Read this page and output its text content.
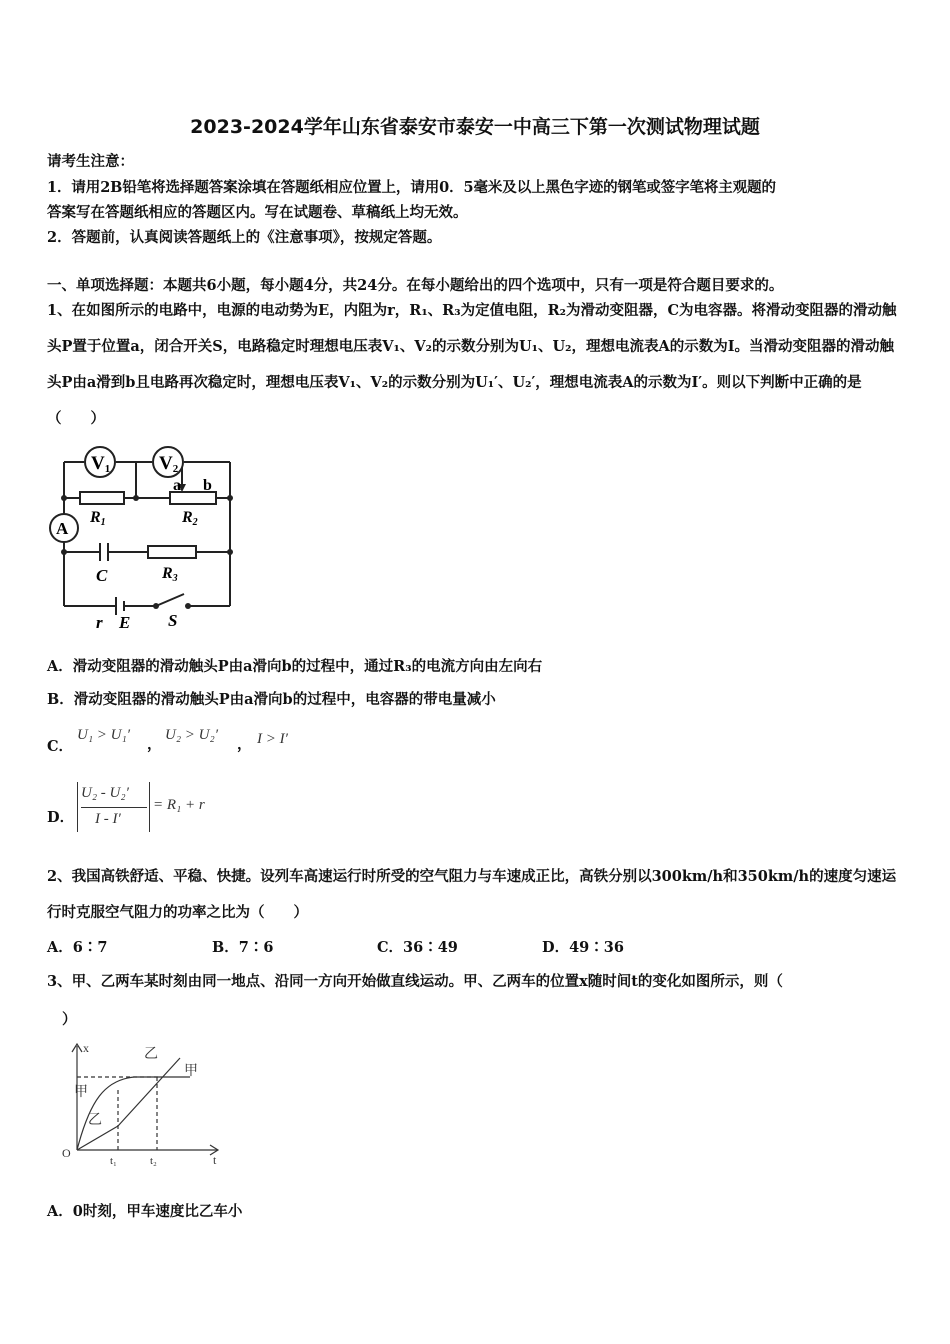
2023-2024学年山东省泰安市泰安一中高三下第一次测试物理试题
请考生注意：
1．请用2B铅笔将选择题答案涂填在答题纸相应位置上，请用0．5毫米及以上黑色字迹的钢笔或签字笔将主观题的
答案写在答题纸相应的答题区内。写在试题卷、草稿纸上均无效。
2．答题前，认真阅读答题纸上的《注意事项》，按规定答题。
一、单项选择题：本题共6小题，每小题4分，共24分。在每小题给出的四个选项中，只有一项是符合题目要求的。
1、在如图所示的电路中，电源的电动势为E，内阻为r，R₁、R₃为定值电阻，R₂为滑动变阻器，C为电容器。将滑动变阻器的滑动触头P置于位置a，闭合开关S，电路稳定时理想电压表V₁、V₂的示数分别为U₁、U₂，理想电流表A的示数为I。当滑动变阻器的滑动触头P由a滑到b且电路再次稳定时，理想电压表V₁、V₂的示数分别为U₁′、U₂′，理想电流表A的示数为I′。则以下判断中正确的是（　　）
V1	V2
a b
A
R1	R2
C	R3
r E S
A．滑动变阻器的滑动触头P由a滑向b的过程中，通过R₃的电流方向由左向右
B．滑动变阻器的滑动触头P由a滑向b的过程中，电容器的带电量减小
C．
U₁ > U₁′
，
U₂ > U₂′
， I > I′
D．
U₂ - U₂′
I - I′
= R₁ + r
2、我国高铁舒适、平稳、快捷。设列车高速运行时所受的空气阻力与车速成正比，高铁分别以300km/h和350km/h的速度匀速运行时克服空气阻力的功率之比为（　　）
A．6∶7	B．7∶6	C．36∶49	D．49∶36
3、甲、乙两车某时刻由同一地点、沿同一方向开始做直线运动。甲、乙两车的位置x随时间t的变化如图所示，则（
）
x
t
O
甲
甲
乙
乙
t₁	t₂
A．0时刻，甲车速度比乙车小
